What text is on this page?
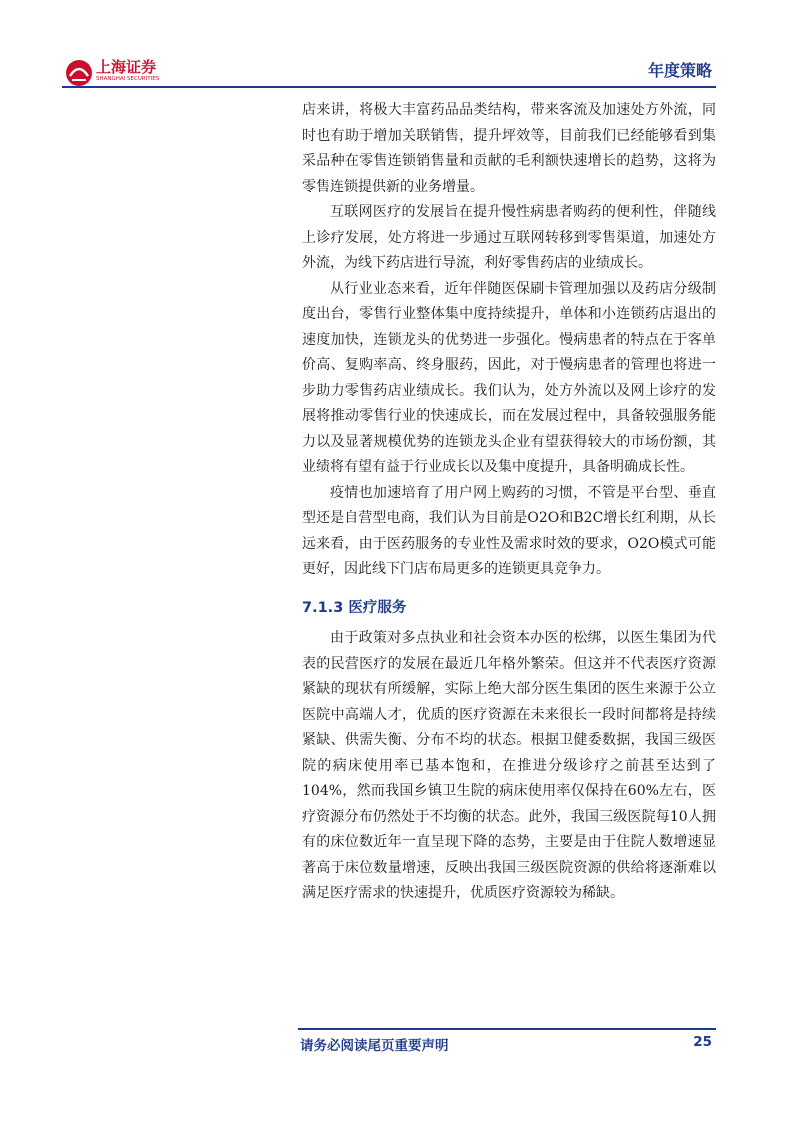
上海证券
SHANGHAI SECURITIES	年度策略

店来讲，将极大丰富药品品类结构，带来客流及加速处方外流，同时也有助于增加关联销售，提升坪效等，目前我们已经能够看到集采品种在零售连锁销售量和贡献的毛利额快速增长的趋势，这将为零售连锁提供新的业务增量。

互联网医疗的发展旨在提升慢性病患者购药的便利性，伴随线上诊疗发展，处方将进一步通过互联网转移到零售渠道，加速处方外流，为线下药店进行导流，利好零售药店的业绩成长。

从行业业态来看，近年伴随医保刷卡管理加强以及药店分级制度出台，零售行业整体集中度持续提升，单体和小连锁药店退出的速度加快，连锁龙头的优势进一步强化。慢病患者的特点在于客单价高、复购率高、终身服药，因此，对于慢病患者的管理也将进一步助力零售药店业绩成长。我们认为，处方外流以及网上诊疗的发展将推动零售行业的快速成长，而在发展过程中，具备较强服务能力以及显著规模优势的连锁龙头企业有望获得较大的市场份额，其业绩将有望有益于行业成长以及集中度提升，具备明确成长性。

疫情也加速培育了用户网上购药的习惯，不管是平台型、垂直型还是自营型电商，我们认为目前是O2O和B2C增长红利期，从长远来看，由于医药服务的专业性及需求时效的要求，O2O模式可能更好，因此线下门店布局更多的连锁更具竞争力。

7.1.3 医疗服务

由于政策对多点执业和社会资本办医的松绑，以医生集团为代表的民营医疗的发展在最近几年格外繁荣。但这并不代表医疗资源紧缺的现状有所缓解，实际上绝大部分医生集团的医生来源于公立医院中高端人才，优质的医疗资源在未来很长一段时间都将是持续紧缺、供需失衡、分布不均的状态。根据卫健委数据，我国三级医院的病床使用率已基本饱和，在推进分级诊疗之前甚至达到了104%，然而我国乡镇卫生院的病床使用率仅保持在60%左右，医疗资源分布仍然处于不均衡的状态。此外，我国三级医院每10人拥有的床位数近年一直呈现下降的态势，主要是由于住院人数增速显著高于床位数量增速，反映出我国三级医院资源的供给将逐渐难以满足医疗需求的快速提升，优质医疗资源较为稀缺。

请务必阅读尾页重要声明	25
